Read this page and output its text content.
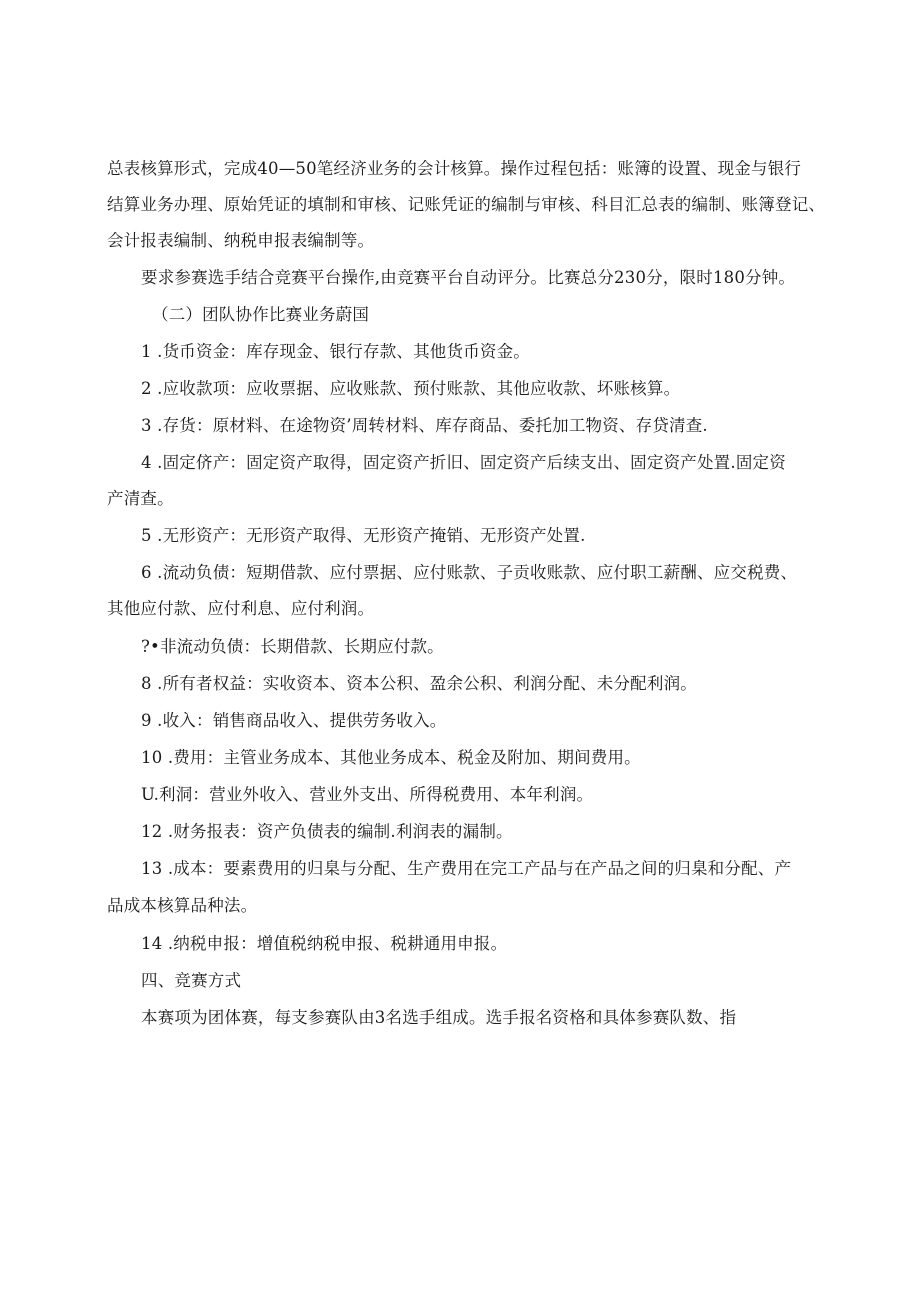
总表核算形式，完成40—50笔经济业务的会计核算。操作过程包括：账簿的设置、现金与银行
结算业务办理、原始凭证的填制和审核、记账凭证的编制与审核、科目汇总表的编制、账簿登记、
会计报表编制、纳税申报表编制等。
要求参赛选手结合竞赛平台操作,由竞赛平台自动评分。比赛总分230分，限时180分钟。
（二）团队协作比赛业务蔚国
1 .货币资金：库存现金、银行存款、其他货币资金。
2 .应收款项：应收票据、应收账款、预付账款、其他应收款、坏账核算。
3 .存货：原材料、在途物资’周转材料、库存商品、委托加工物资、存贷清查.
4 .固定侪产：固定资产取得，固定资产折旧、固定资产后续支出、固定资产处置.固定资
产清查。
5 .无形资产：无形资产取得、无形资产掩销、无形资产处置.
6 .流动负债：短期借款、应付票据、应付账款、子贡收账款、应付职工薪酬、应交税费、
其他应付款、应付利息、应付利润。
?•非流动负债：长期借款、长期应付款。
8 .所有者权益：实收资本、资本公积、盈余公积、利润分配、未分配利润。
9 .收入：销售商品收入、提供劳务收入。
10 .费用：主管业务成本、其他业务成本、税金及附加、期间费用。
U.利洞：营业外收入、营业外支出、所得税费用、本年利润。
12 .财务报表：资产负债表的编制.利润表的漏制。
13 .成本：要素费用的归臬与分配、生产费用在完工产品与在产品之间的归臬和分配、产
品成本核算品种法。
14 .纳税申报：增值税纳税申报、税耕通用申报。
四、竞赛方式
本赛项为团体赛，每支参赛队由3名选手组成。选手报名资格和具体参赛队数、指
